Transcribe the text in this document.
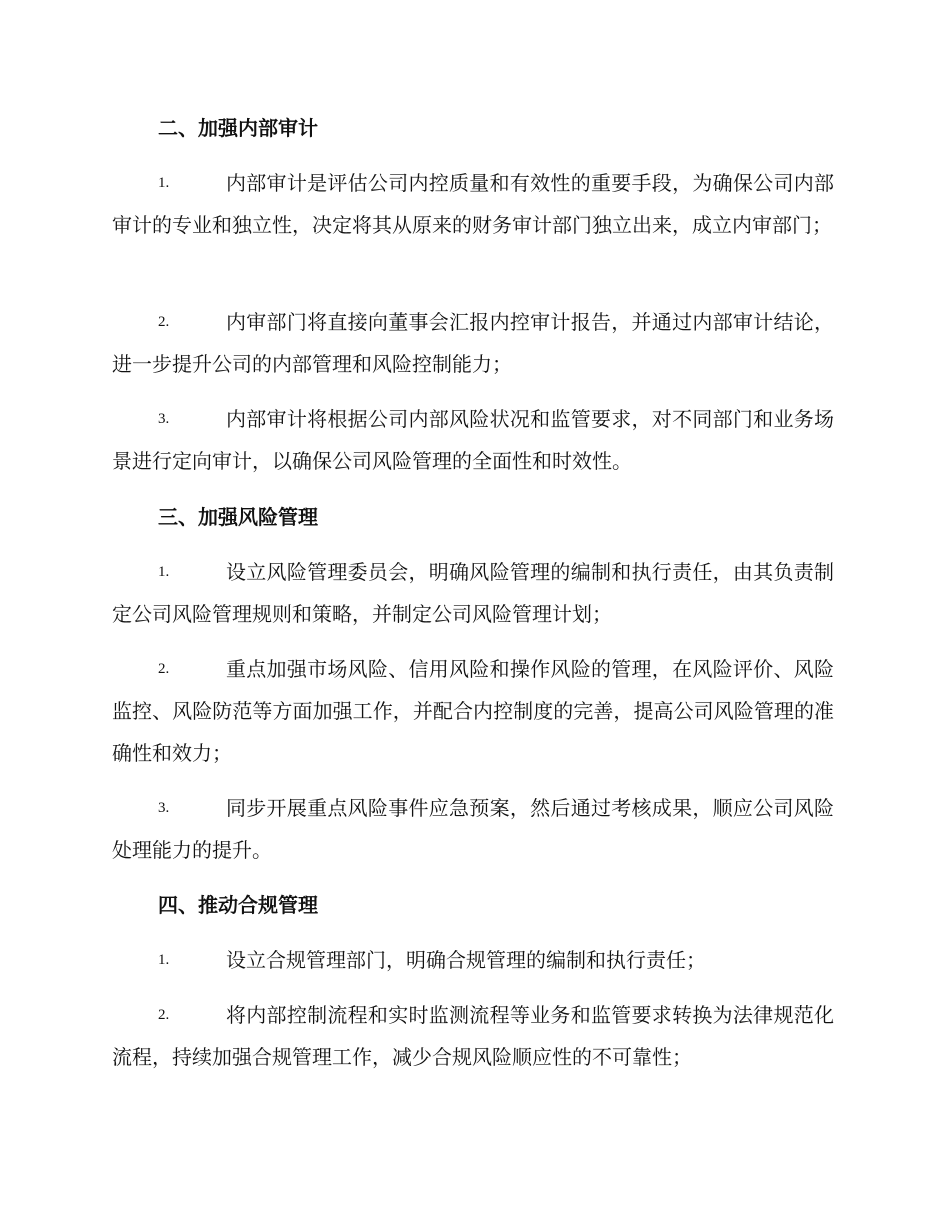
二、加强内部审计
1.	内部审计是评估公司内控质量和有效性的重要手段，为确保公司内部审计的专业和独立性，决定将其从原来的财务审计部门独立出来，成立内审部门；

2.	内审部门将直接向董事会汇报内控审计报告，并通过内部审计结论，进一步提升公司的内部管理和风险控制能力；

3.	内部审计将根据公司内部风险状况和监管要求，对不同部门和业务场景进行定向审计，以确保公司风险管理的全面性和时效性。

三、加强风险管理
1.	设立风险管理委员会，明确风险管理的编制和执行责任，由其负责制定公司风险管理规则和策略，并制定公司风险管理计划；

2.	重点加强市场风险、信用风险和操作风险的管理，在风险评价、风险监控、风险防范等方面加强工作，并配合内控制度的完善，提高公司风险管理的准确性和效力；

3.	同步开展重点风险事件应急预案，然后通过考核成果，顺应公司风险处理能力的提升。

四、推动合规管理
1.	设立合规管理部门，明确合规管理的编制和执行责任；

2.	将内部控制流程和实时监测流程等业务和监管要求转换为法律规范化流程，持续加强合规管理工作，减少合规风险顺应性的不可靠性；
